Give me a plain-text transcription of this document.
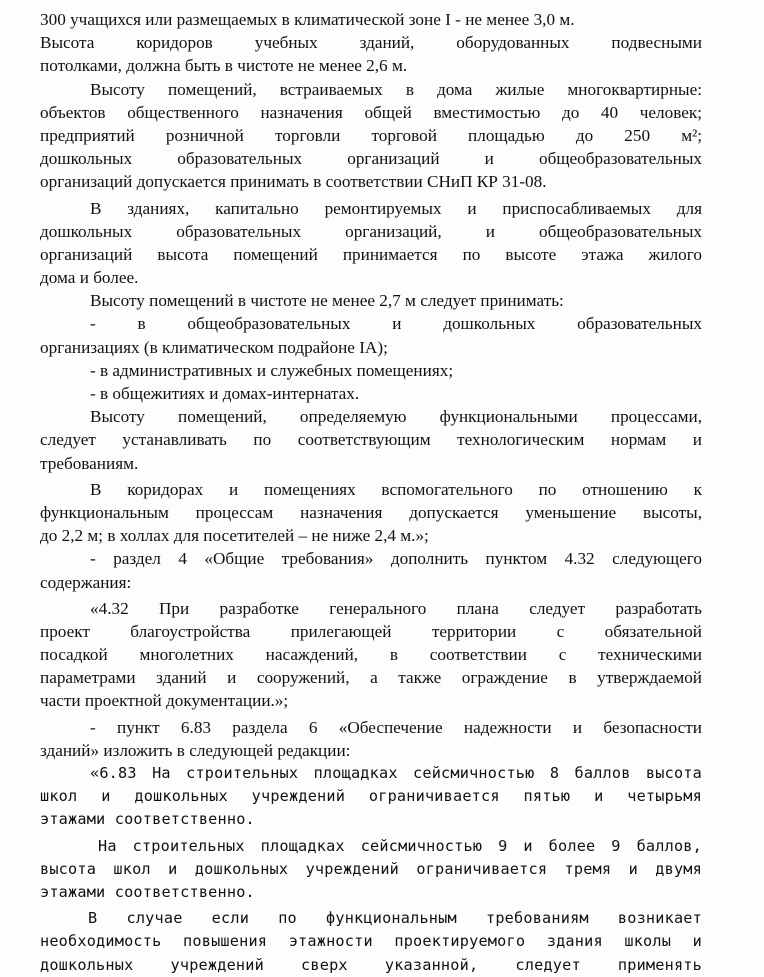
300 учащихся или размещаемых в климатической зоне I - не менее 3,0 м.
Высота коридоров учебных зданий, оборудованных подвесными
потолками, должна быть в чистоте не менее 2,6 м.
Высоту помещений, встраиваемых в дома жилые многоквартирные:
объектов общественного назначения общей вместимостью до 40 человек;
предприятий розничной торговли торговой площадью до 250 м²;
дошкольных образовательных организаций и общеобразовательных
организаций допускается принимать в соответствии СНиП КР 31-08.
В зданиях, капитально ремонтируемых и приспосабливаемых для
дошкольных образовательных организаций, и общеобразовательных
организаций высота помещений принимается по высоте этажа жилого
дома и более.
Высоту помещений в чистоте не менее 2,7 м следует принимать:
- в общеобразовательных и дошкольных образовательных
организациях (в климатическом подрайоне IA);
- в административных и служебных помещениях;
- в общежитиях и домах-интернатах.
Высоту помещений, определяемую функциональными процессами,
следует устанавливать по соответствующим технологическим нормам и
требованиям.
В коридорах и помещениях вспомогательного по отношению к
функциональным процессам назначения допускается уменьшение высоты,
до 2,2 м; в холлах для посетителей – не ниже 2,4 м.»;
- раздел 4 «Общие требования» дополнить пунктом 4.32 следующего
содержания:
«4.32 При разработке генерального плана следует разработать
проект благоустройства прилегающей территории с обязательной
посадкой многолетних насаждений, в соответствии с техническими
параметрами зданий и сооружений, а также ограждение в утверждаемой
части проектной документации.»;
- пункт 6.83 раздела 6 «Обеспечение надежности и безопасности
зданий» изложить в следующей редакции:
«6.83 На строительных площадках сейсмичностью 8 баллов высота
школ и дошкольных учреждений ограничивается пятью и четырьмя
этажами соответственно.
На строительных площадках сейсмичностью 9 и более 9 баллов,
высота школ и дошкольных учреждений ограничивается тремя и двумя
этажами соответственно.
В случае если по функциональным требованиям возникает
необходимость повышения этажности проектируемого здания школы и
дошкольных учреждений сверх указанной, следует применять
